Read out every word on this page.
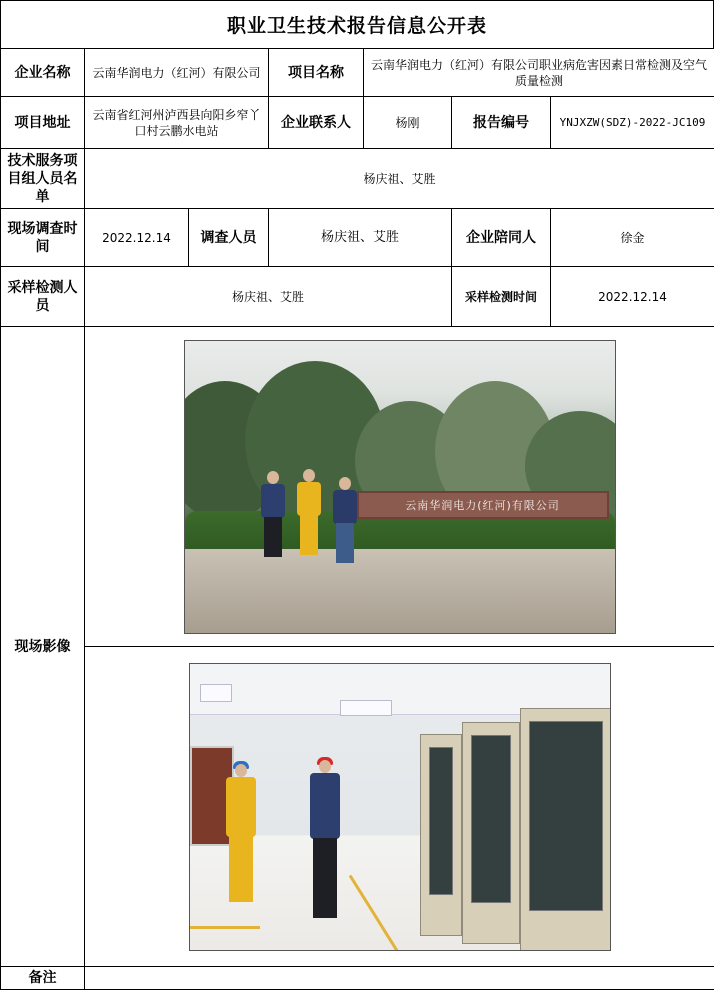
职业卫生技术报告信息公开表
企业名称	云南华润电力（红河）有限公司		项目名称	云南华润电力（红河）有限公司职业病危害因素日常检测及空气质量检测		
项目地址	云南省红河州泸西县向阳乡窄丫口村云鹏水电站		企业联系人	杨刚	报告编号	YNJXZW(SDZ)-2022-JC109
技术服务项目组人员名单	杨庆祖、艾胜					
现场调查时间	2022.12.14	调查人员	杨庆祖、艾胜		企业陪同人	徐金
采样检测人员	杨庆祖、艾胜				采样检测时间	2022.12.14
现场影像	云南华润电力(红河)有限公司					

备注						
